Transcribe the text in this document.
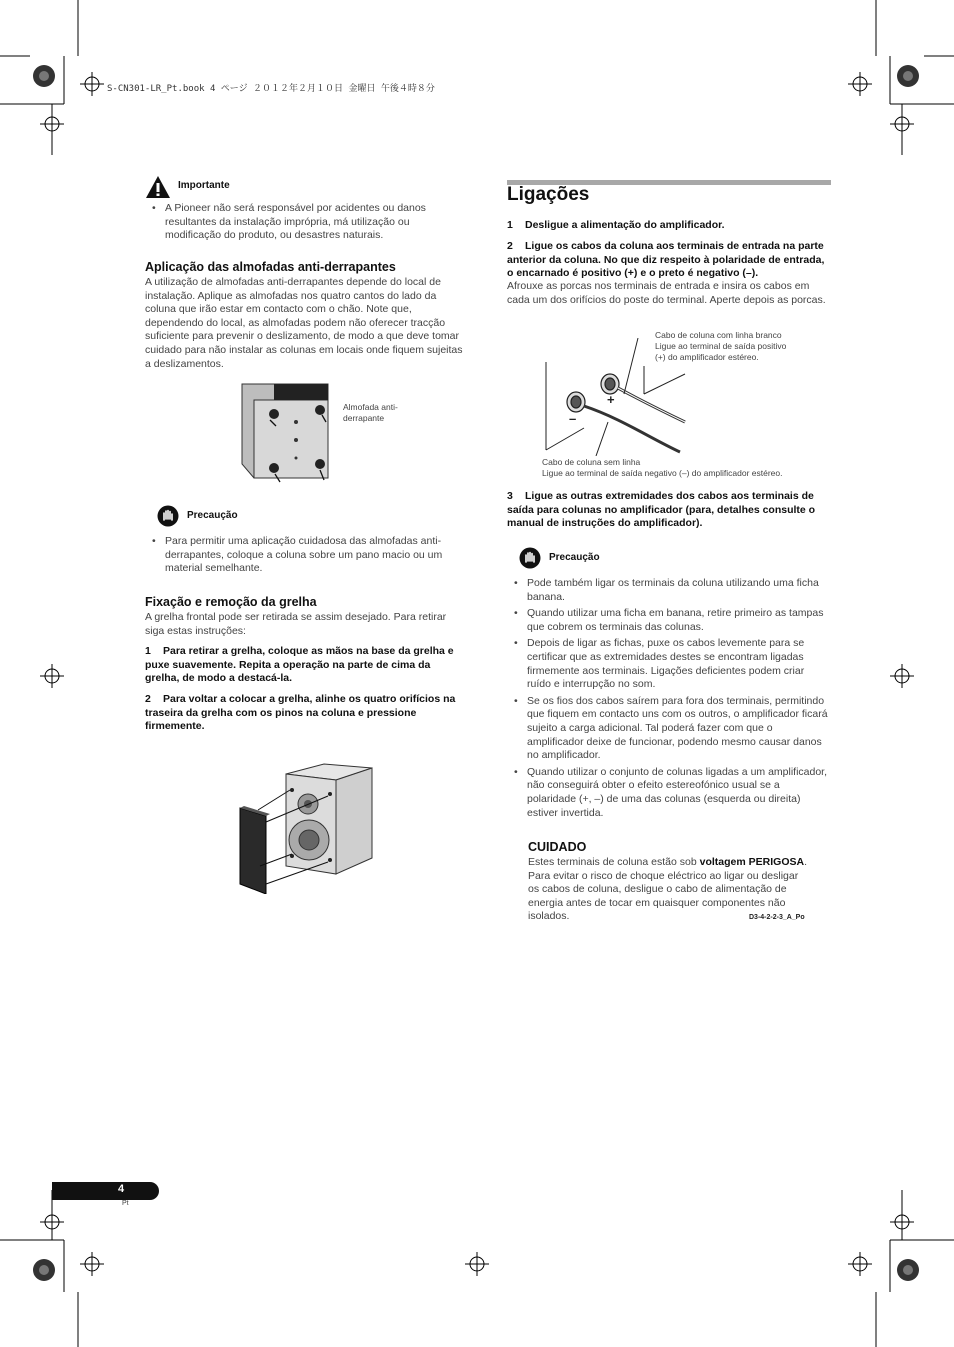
S-CN301-LR_Pt.book 4 ページ ２０１２年２月１０日 金曜日 午後４時８分
Importante
• A Pioneer não será responsável por acidentes ou danos resultantes da instalação imprópria, má utilização ou modificação do produto, ou desastres naturais.
Aplicação das almofadas anti-derrapantes
A utilização de almofadas anti-derrapantes depende do local de instalação. Aplique as almofadas nos quatro cantos do lado da coluna que irão estar em contacto com o chão. Note que, dependendo do local, as almofadas podem não oferecer tracção suficiente para prevenir o deslizamento, de modo a que deve tomar cuidado para não instalar as colunas em locais onde fiquem sujeitas a deslizamentos.
Almofada anti-
derrapante
Precaução
• Para permitir uma aplicação cuidadosa das almofadas anti-derrapantes, coloque a coluna sobre um pano macio ou um material semelhante.
Fixação e remoção da grelha
A grelha frontal pode ser retirada se assim desejado. Para retirar siga estas instruções:
1 Para retirar a grelha, coloque as mãos na base da grelha e puxe suavemente. Repita a operação na parte de cima da grelha, de modo a destacá-la.
2 Para voltar a colocar a grelha, alinhe os quatro orifícios na traseira da grelha com os pinos na coluna e pressione firmemente.
Ligações
1 Desligue a alimentação do amplificador.
2 Ligue os cabos da coluna aos terminais de entrada na parte anterior da coluna. No que diz respeito à polaridade de entrada, o encarnado é positivo (+) e o preto é negativo (–).
Afrouxe as porcas nos terminais de entrada e insira os cabos em cada um dos orifícios do poste do terminal. Aperte depois as porcas.
Cabo de coluna com linha branco
Ligue ao terminal de saída positivo
(+) do amplificador estéreo.
+
–
Cabo de coluna sem linha
Ligue ao terminal de saída negativo (–) do amplificador estéreo.
3 Ligue as outras extremidades dos cabos aos terminais de saída para colunas no amplificador (para, detalhes consulte o manual de instruções do amplificador).
Precaução
• Pode também ligar os terminais da coluna utilizando uma ficha banana.
• Quando utilizar uma ficha em banana, retire primeiro as tampas que cobrem os terminais das colunas.
• Depois de ligar as fichas, puxe os cabos levemente para se certificar que as extremidades destes se encontram ligadas firmemente aos terminais. Ligações deficientes podem criar ruído e interrupção no som.
• Se os fios dos cabos saírem para fora dos terminais, permitindo que fiquem em contacto uns com os outros, o amplificador ficará sujeito a carga adicional. Tal poderá fazer com que o amplificador deixe de funcionar, podendo mesmo causar danos no amplificador.
• Quando utilizar o conjunto de colunas ligadas a um amplificador, não conseguirá obter o efeito estereofónico usual se a polaridade (+, –) de uma das colunas (esquerda ou direita) estiver invertida.
CUIDADO
Estes terminais de coluna estão sob voltagem PERIGOSA. Para evitar o risco de choque eléctrico ao ligar ou desligar os cabos de coluna, desligue o cabo de alimentação de energia antes de tocar em quaisquer componentes não isolados.	D3-4-2-2-3_A_Po
4
Pt
